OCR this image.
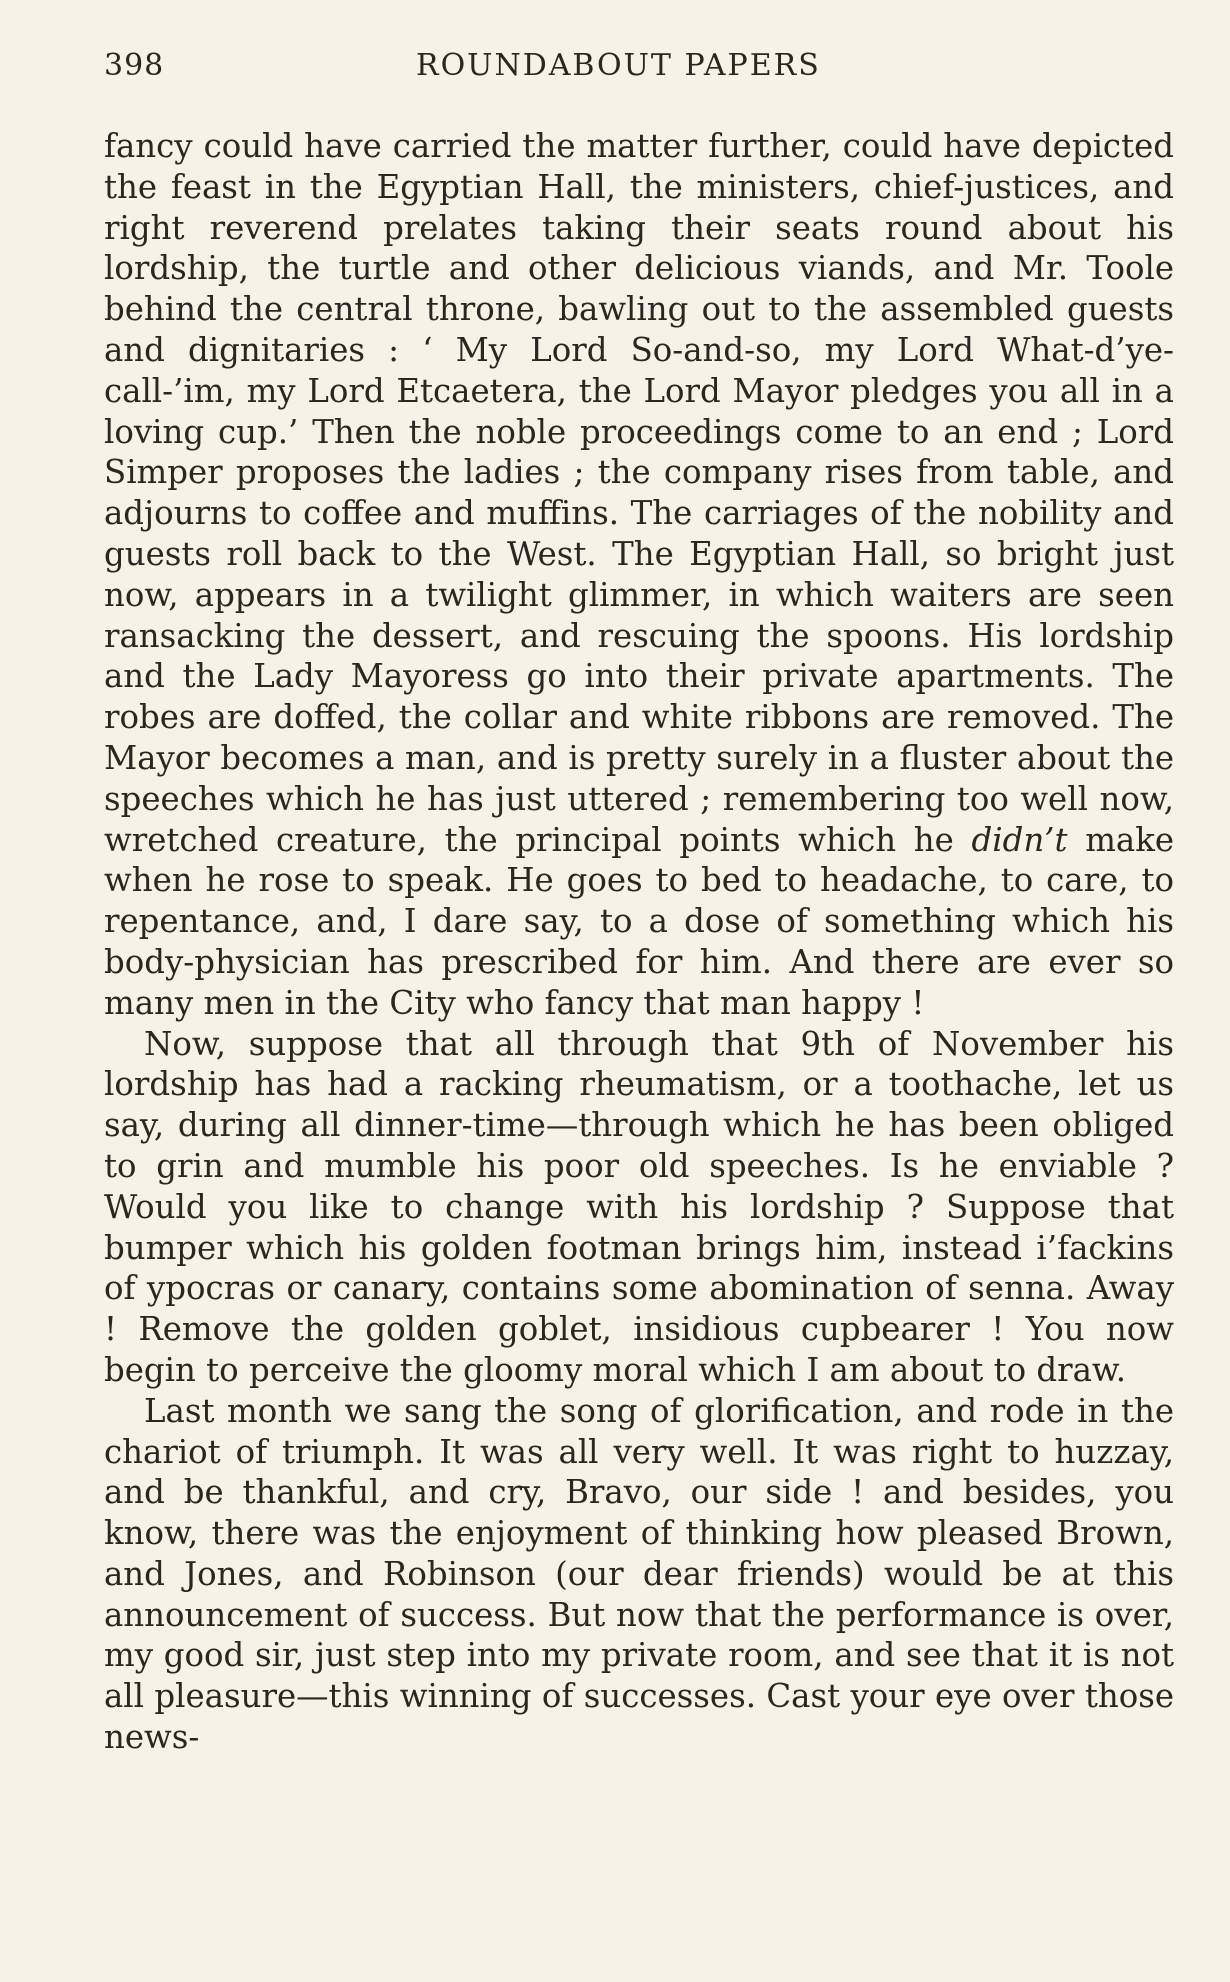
398	ROUNDABOUT PAPERS

fancy could have carried the matter further, could have depicted the feast in the Egyptian Hall, the ministers, chief-justices, and right reverend prelates taking their seats round about his lordship, the turtle and other delicious viands, and Mr. Toole behind the central throne, bawling out to the assembled guests and dignitaries : ‘ My Lord So-and-so, my Lord What-d’ye-call-’im, my Lord Etcaetera, the Lord Mayor pledges you all in a loving cup.’ Then the noble proceedings come to an end ; Lord Simper proposes the ladies ; the company rises from table, and adjourns to coffee and muffins. The carriages of the nobility and guests roll back to the West. The Egyptian Hall, so bright just now, appears in a twilight glimmer, in which waiters are seen ransacking the dessert, and rescuing the spoons. His lordship and the Lady Mayoress go into their private apartments. The robes are doffed, the collar and white ribbons are removed. The Mayor becomes a man, and is pretty surely in a fluster about the speeches which he has just uttered ; remembering too well now, wretched creature, the principal points which he didn’t make when he rose to speak. He goes to bed to headache, to care, to repentance, and, I dare say, to a dose of something which his body-physician has prescribed for him. And there are ever so many men in the City who fancy that man happy !

Now, suppose that all through that 9th of November his lordship has had a racking rheumatism, or a toothache, let us say, during all dinner-time—through which he has been obliged to grin and mumble his poor old speeches. Is he enviable ? Would you like to change with his lordship ? Suppose that bumper which his golden footman brings him, instead i’fackins of ypocras or canary, contains some abomination of senna. Away ! Remove the golden goblet, insidious cupbearer ! You now begin to perceive the gloomy moral which I am about to draw.

Last month we sang the song of glorification, and rode in the chariot of triumph. It was all very well. It was right to huzzay, and be thankful, and cry, Bravo, our side ! and besides, you know, there was the enjoyment of thinking how pleased Brown, and Jones, and Robinson (our dear friends) would be at this announcement of success. But now that the performance is over, my good sir, just step into my private room, and see that it is not all pleasure—this winning of successes. Cast your eye over those news-
